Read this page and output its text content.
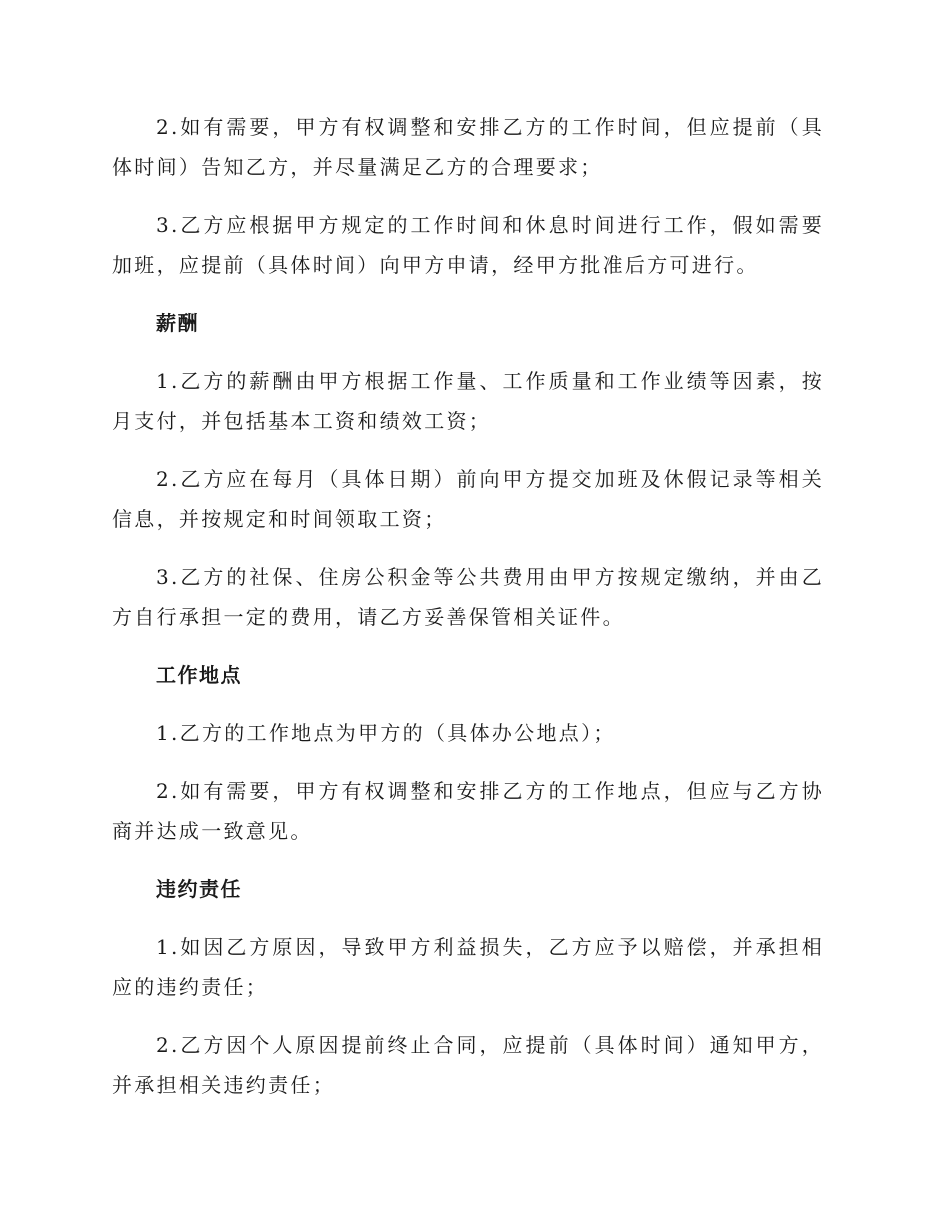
2.如有需要，甲方有权调整和安排乙方的工作时间，但应提前（具体时间）告知乙方，并尽量满足乙方的合理要求；

3.乙方应根据甲方规定的工作时间和休息时间进行工作，假如需要加班，应提前（具体时间）向甲方申请，经甲方批准后方可进行。

薪酬

1.乙方的薪酬由甲方根据工作量、工作质量和工作业绩等因素，按月支付，并包括基本工资和绩效工资；

2.乙方应在每月（具体日期）前向甲方提交加班及休假记录等相关信息，并按规定和时间领取工资；

3.乙方的社保、住房公积金等公共费用由甲方按规定缴纳，并由乙方自行承担一定的费用，请乙方妥善保管相关证件。

工作地点

1.乙方的工作地点为甲方的（具体办公地点）；

2.如有需要，甲方有权调整和安排乙方的工作地点，但应与乙方协商并达成一致意见。

违约责任

1.如因乙方原因，导致甲方利益损失，乙方应予以赔偿，并承担相应的违约责任；

2.乙方因个人原因提前终止合同，应提前（具体时间）通知甲方，并承担相关违约责任；
